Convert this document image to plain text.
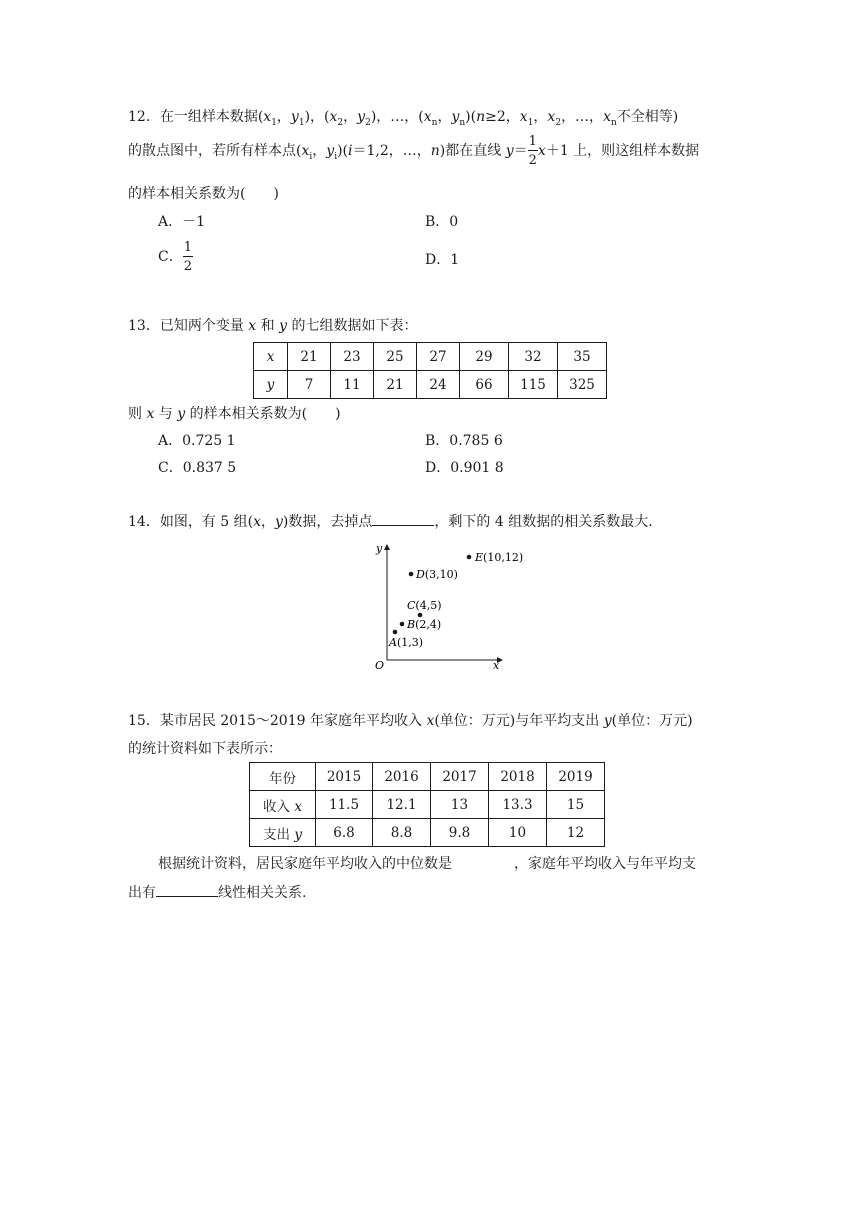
12．在一组样本数据($x_1$，$y_1$)，($x_2$，$y_2$)，…，($x_n$，$y_n)(n\ge 2$，$x_1$，$x_2$，…，$x_n$不全相等)
的散点图中，若所有样本点($x_i$，$y_i)(i=1,2$，…，n)都在直线 $y= \frac{1}{2} x+1$ 上，则这组样本数据
的样本相关系数为(　　)
A．－1	B．0
C． $\frac{1}{2}$	D．1
13．已知两个变量 x 和 y 的七组数据如下表：
x	21	23	25	27	29	32	35
y	7	11	21	24	66	115	325
则 x 与 y 的样本相关系数为(　　)
A．0.725 1	B．0.785 6
C．0.837 5	D．0.901 8
14．如图，有 5 组(x，y)数据，去掉点	，剩下的 4 组数据的相关系数最大.
y
x
O
A(1,3)
B(2,4)
C(4,5)
D(3,10)
E(10,12)
15．某市居民 2015～2019 年家庭年平均收入 x(单位：万元)与年平均支出 y(单位：万元)
的统计资料如下表所示：
年份	2015	2016	2017	2018	2019
收入 x	11.5	12.1	13	13.3	15
支出 y	6.8	8.8	9.8	10	12
根据统计资料，居民家庭年平均收入的中位数是	，家庭年平均收入与年平均支
出有	线性相关关系.
